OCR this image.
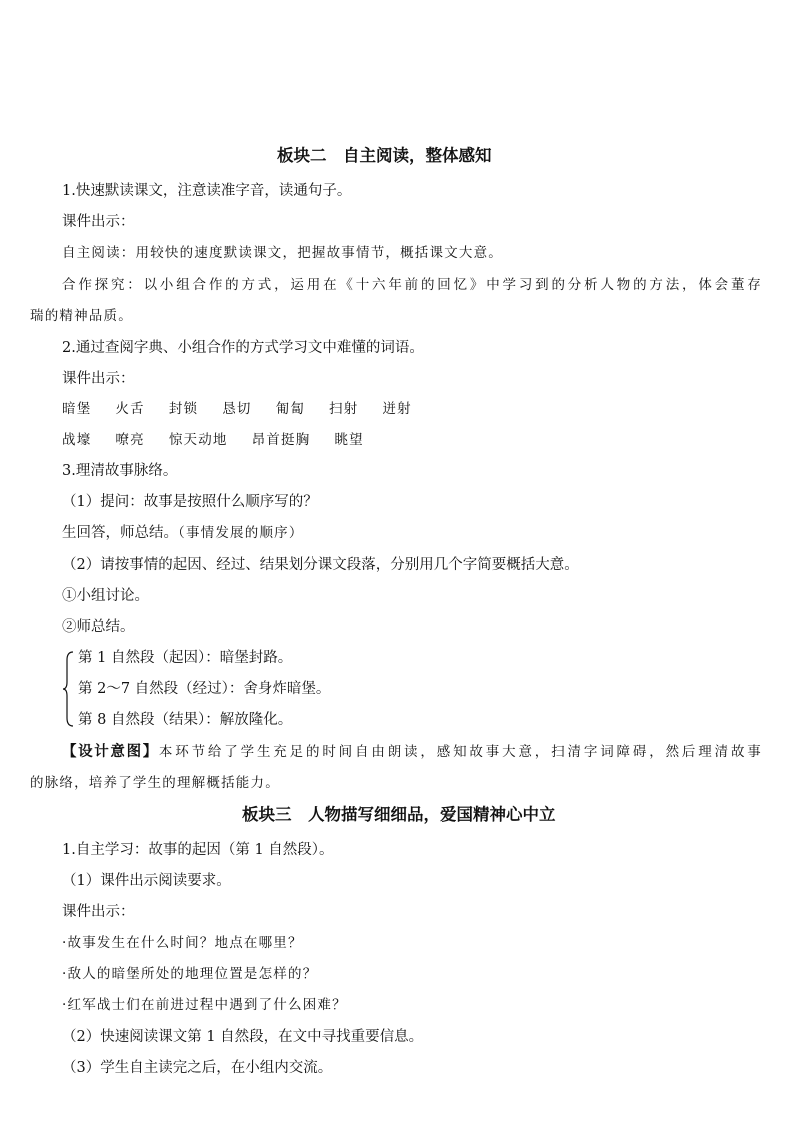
板块二　自主阅读，整体感知
1.快速默读课文，注意读准字音，读通句子。
课件出示：
自主阅读：用较快的速度默读课文，把握故事情节，概括课文大意。
合作探究：以小组合作的方式，运用在《十六年前的回忆》中学习到的分析人物的方法，体会董存
瑞的精神品质。
2.通过查阅字典、小组合作的方式学习文中难懂的词语。
课件出示：
暗堡 火舌 封锁 恳切 匍匐 扫射 迸射
战壕 嘹亮 惊天动地 昂首挺胸 眺望
3.理清故事脉络。
（1）提问：故事是按照什么顺序写的？
生回答，师总结。（事情发展的顺序）
（2）请按事情的起因、经过、结果划分课文段落，分别用几个字简要概括大意。
①小组讨论。
②师总结。
第 1 自然段（起因）：暗堡封路。
第 2～7 自然段（经过）：舍身炸暗堡。
第 8 自然段（结果）：解放隆化。
【设计意图】本环节给了学生充足的时间自由朗读，感知故事大意，扫清字词障碍，然后理清故事
的脉络，培养了学生的理解概括能力。
板块三　人物描写细细品，爱国精神心中立
1.自主学习：故事的起因（第 1 自然段）。
（1）课件出示阅读要求。
课件出示：
·故事发生在什么时间？地点在哪里？
·敌人的暗堡所处的地理位置是怎样的？
·红军战士们在前进过程中遇到了什么困难？
（2）快速阅读课文第 1 自然段，在文中寻找重要信息。
（3）学生自主读完之后，在小组内交流。
